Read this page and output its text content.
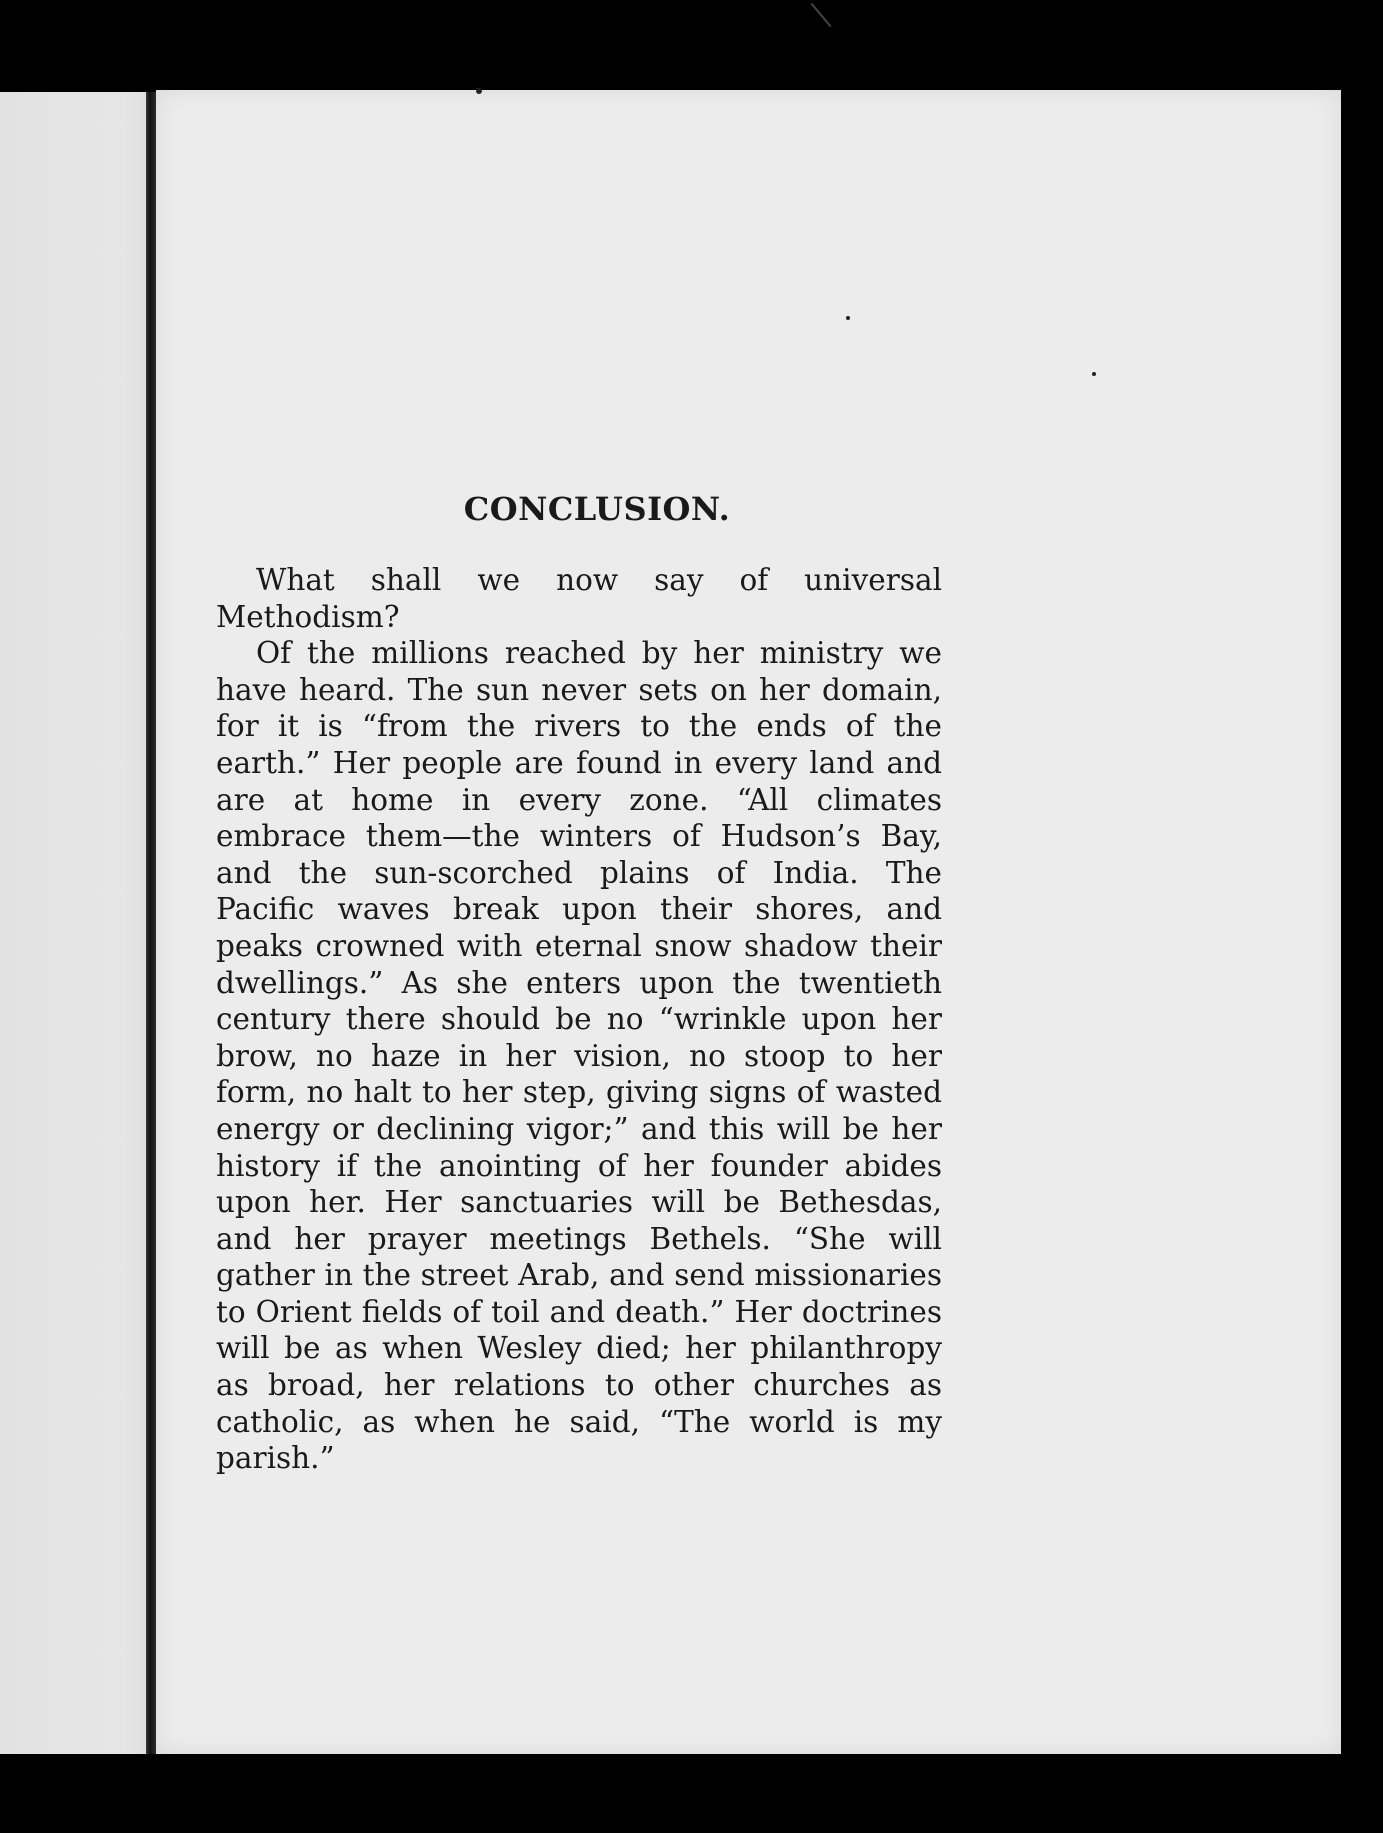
CONCLUSION.

What shall we now say of universal Methodism?

Of the millions reached by her ministry we have heard. The sun never sets on her domain, for it is “from the rivers to the ends of the earth.” Her people are found in every land and are at home in every zone. “All climates embrace them—the winters of Hudson’s Bay, and the sun-scorched plains of India. The Pacific waves break upon their shores, and peaks crowned with eternal snow shadow their dwellings.” As she enters upon the twentieth century there should be no “wrinkle upon her brow, no haze in her vision, no stoop to her form, no halt to her step, giving signs of wasted energy or declining vigor;” and this will be her history if the anointing of her founder abides upon her. Her sanctuaries will be Bethesdas, and her prayer meetings Bethels. “She will gather in the street Arab, and send missionaries to Orient fields of toil and death.” Her doctrines will be as when Wesley died; her philanthropy as broad, her relations to other churches as catholic, as when he said, “The world is my parish.”
